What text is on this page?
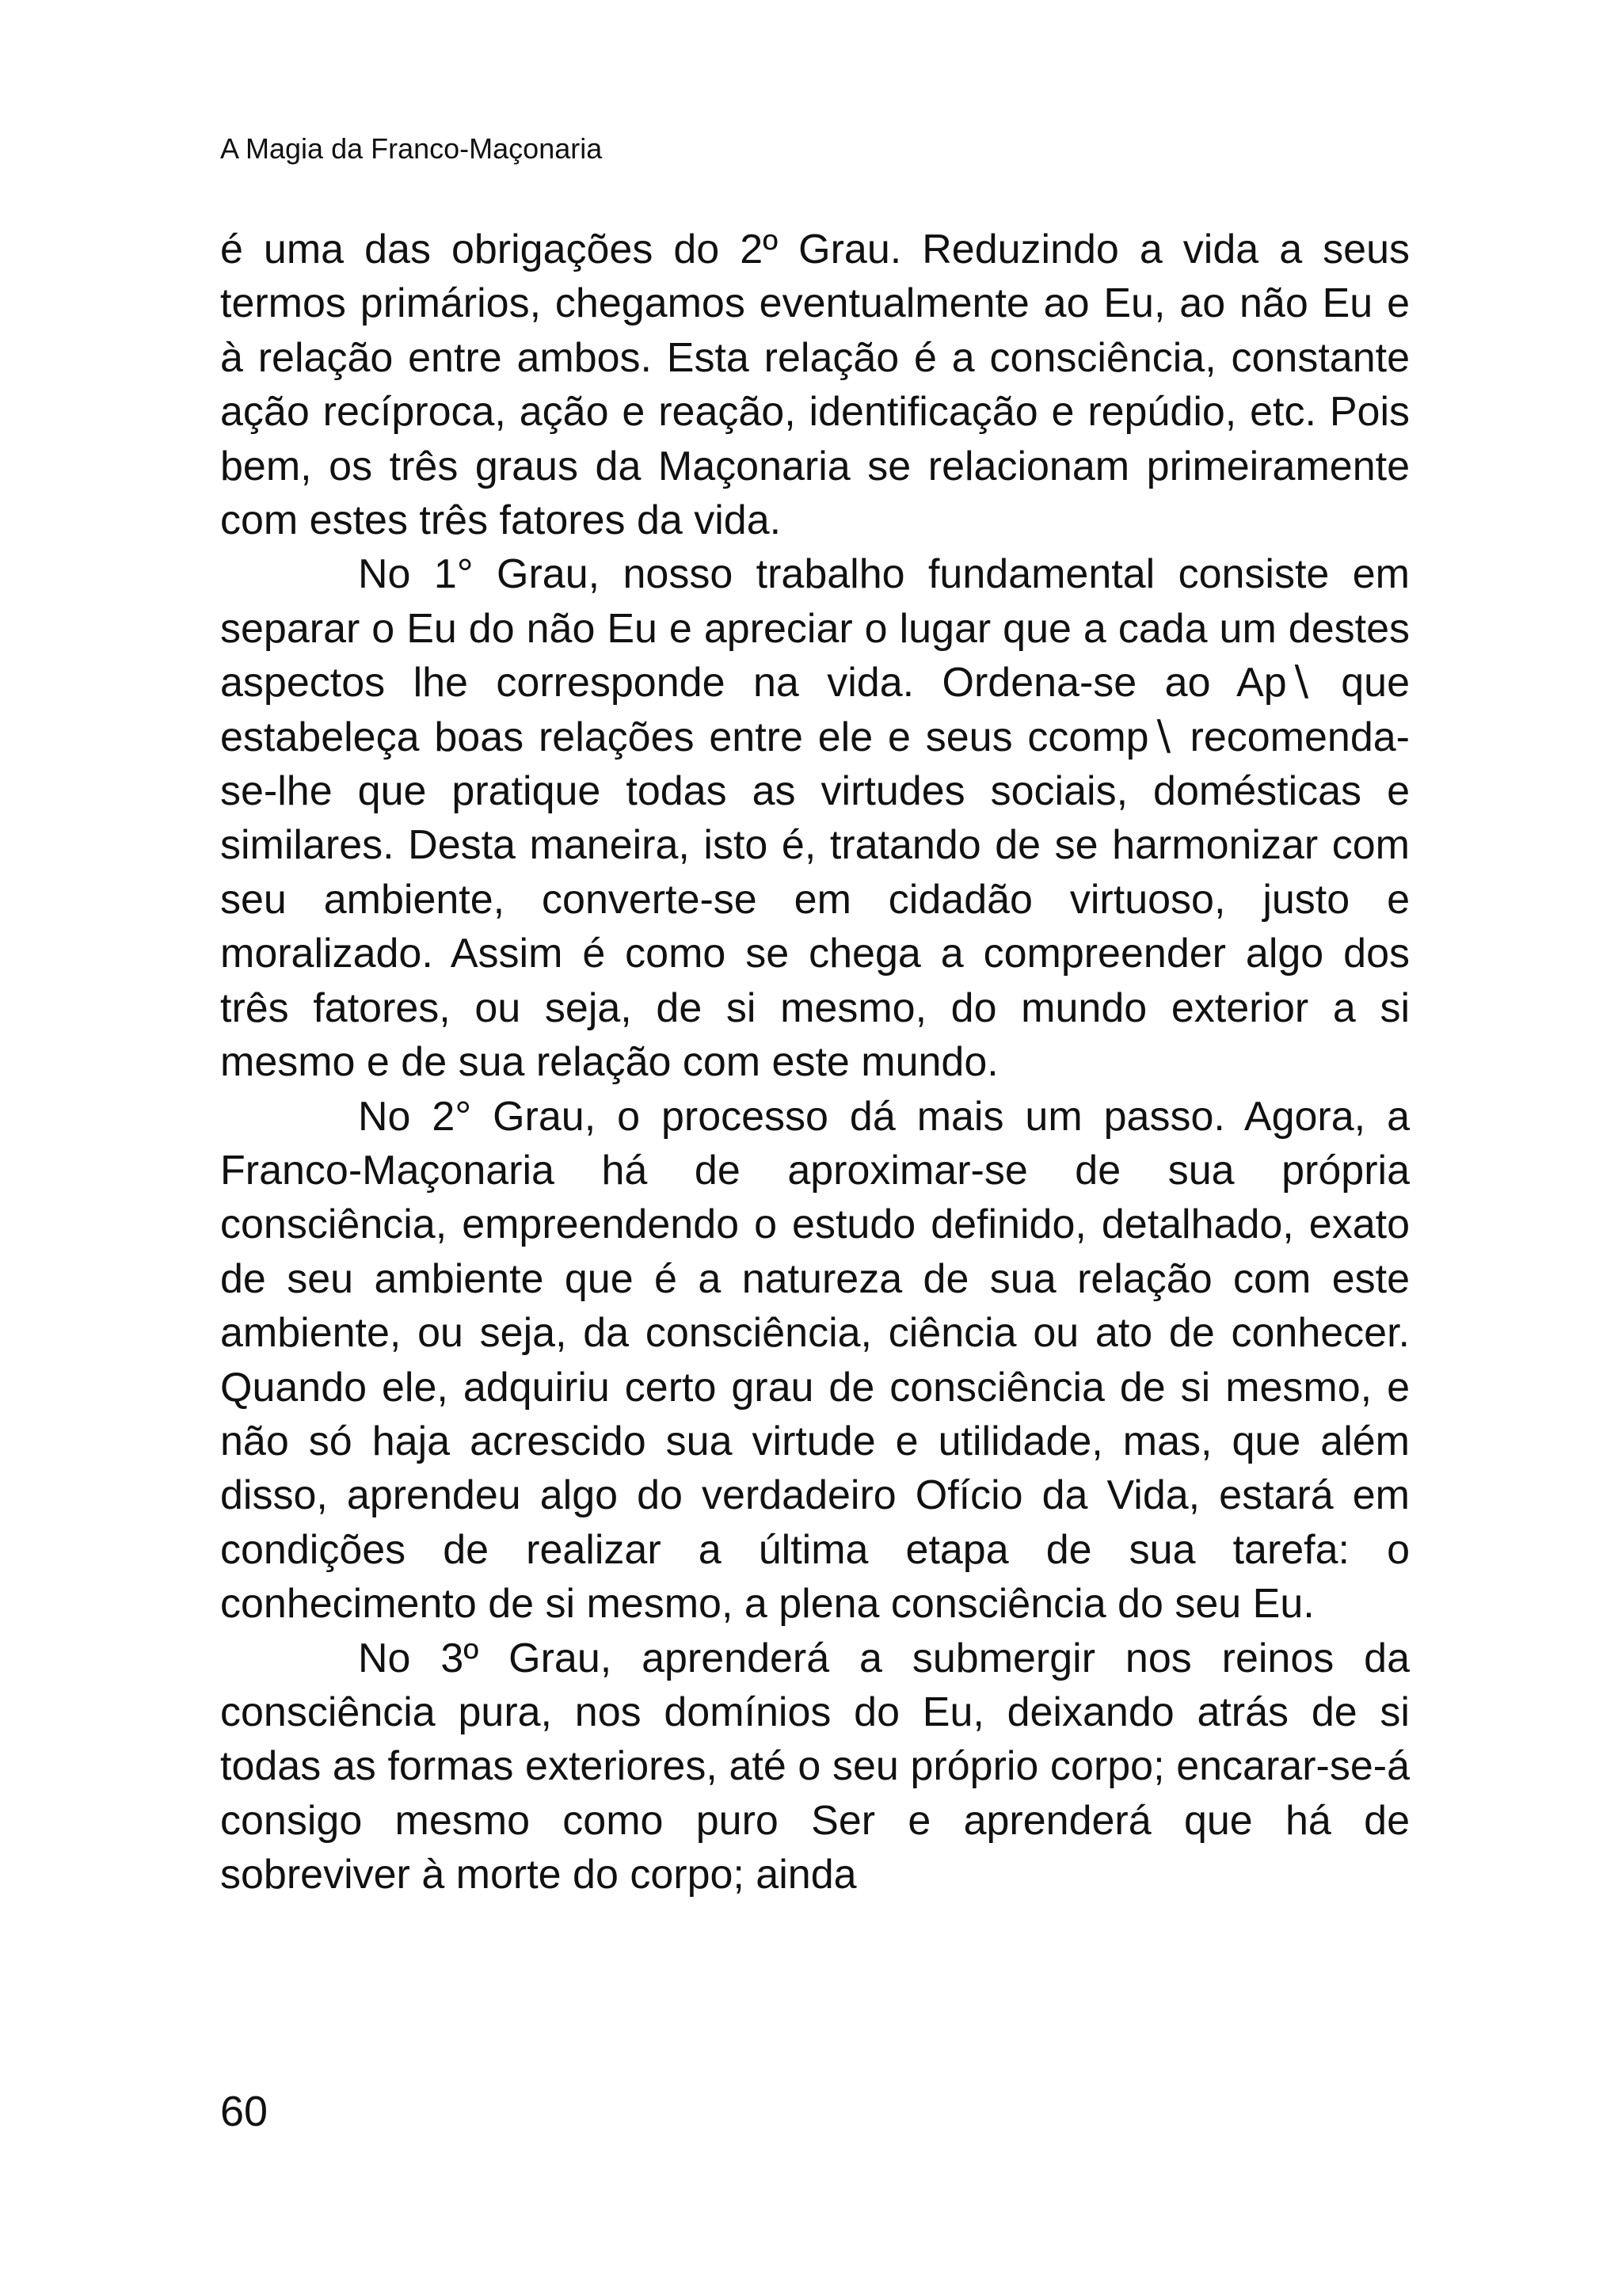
A Magia da Franco-Maçonaria

é uma das obrigações do 2º Grau. Reduzindo a vida a seus termos primários, chegamos eventualmente ao Eu, ao não Eu e à relação entre ambos. Esta relação é a consciência, constante ação recíproca, ação e reação, identificação e repúdio, etc. Pois bem, os três graus da Maçonaria se relacionam primeiramente com estes três fatores da vida.

No 1° Grau, nosso trabalho fundamental consiste em separar o Eu do não Eu e apreciar o lugar que a cada um destes aspectos lhe corresponde na vida. Ordena-se ao Ap∖ que estabeleça boas relações entre ele e seus ccomp∖ recomenda-se-lhe que pratique todas as virtudes sociais, domésticas e similares. Desta maneira, isto é, tratando de se harmonizar com seu ambiente, converte-se em cidadão virtuoso, justo e moralizado. Assim é como se chega a compreender algo dos três fatores, ou seja, de si mesmo, do mundo exterior a si mesmo e de sua relação com este mundo.

No 2° Grau, o processo dá mais um passo. Agora, a Franco-Maçonaria há de aproximar-se de sua própria consciência, empreendendo o estudo definido, detalhado, exato de seu ambiente que é a natureza de sua relação com este ambiente, ou seja, da consciência, ciência ou ato de conhecer. Quando ele, adquiriu certo grau de consciência de si mesmo, e não só haja acrescido sua virtude e utilidade, mas, que além disso, aprendeu algo do verdadeiro Ofício da Vida, estará em condições de realizar a última etapa de sua tarefa: o conhecimento de si mesmo, a plena consciência do seu Eu.

No 3º Grau, aprenderá a submergir nos reinos da consciência pura, nos domínios do Eu, deixando atrás de si todas as formas exteriores, até o seu próprio corpo; encarar-se-á consigo mesmo como puro Ser e aprenderá que há de sobreviver à morte do corpo; ainda

60
